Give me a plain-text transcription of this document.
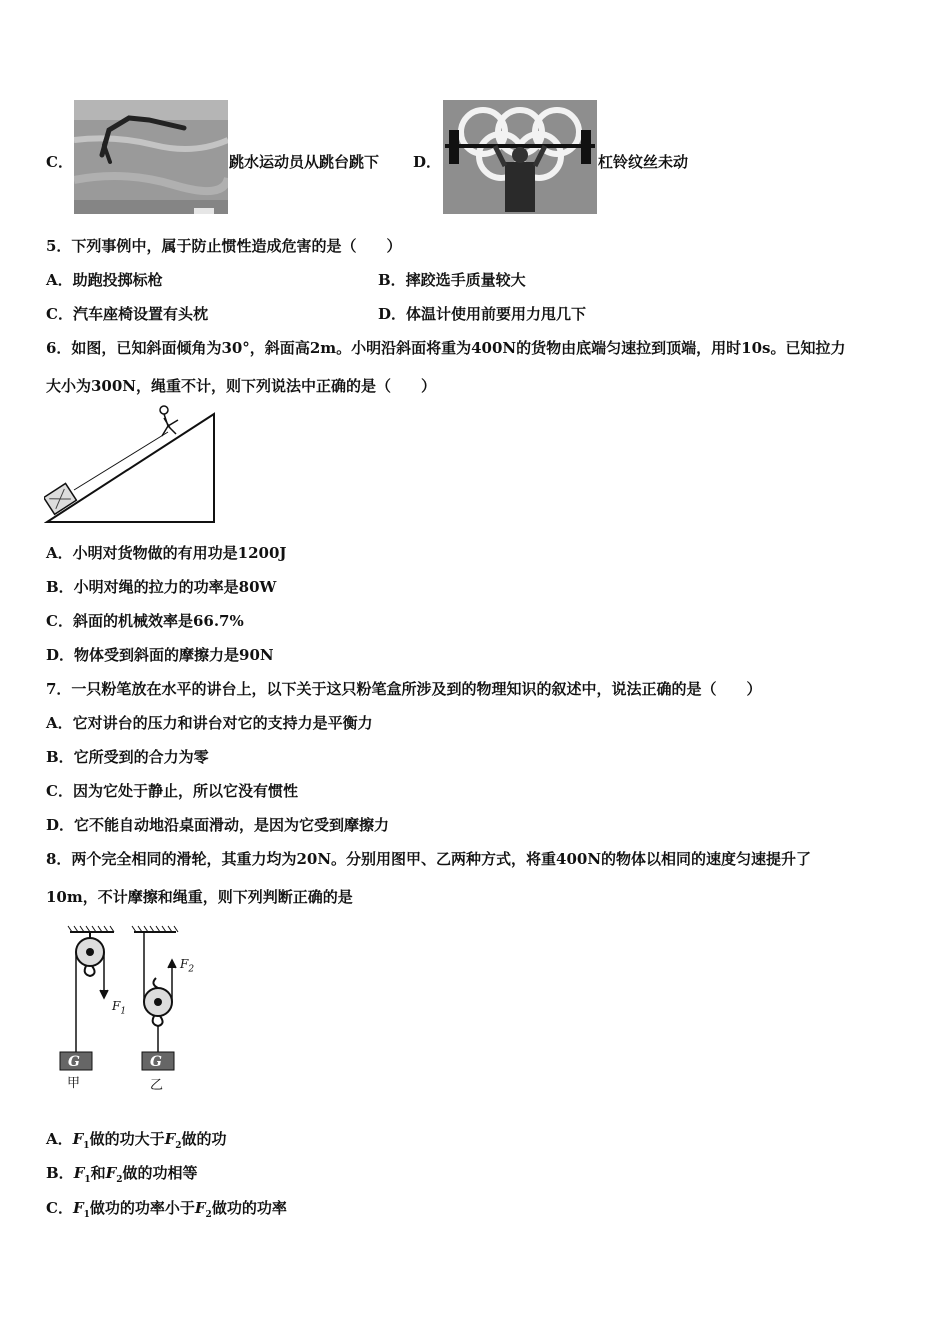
C．	跳水运动员从跳台跳下 D．	杠铃纹丝未动
5．下列事例中，属于防止惯性造成危害的是（　　）
A．助跑投掷标枪	B．摔跤选手质量较大
C．汽车座椅设置有头枕	D．体温计使用前要用力甩几下
6．如图，已知斜面倾角为30°，斜面高2m。小明沿斜面将重为400N的货物由底端匀速拉到顶端，用时10s。已知拉力
大小为300N，绳重不计，则下列说法中正确的是（　　）
A．小明对货物做的有用功是1200J
B．小明对绳的拉力的功率是80W
C．斜面的机械效率是66.7%
D．物体受到斜面的摩擦力是90N
7．一只粉笔放在水平的讲台上，以下关于这只粉笔盒所涉及到的物理知识的叙述中，说法正确的是（　　）
A．它对讲台的压力和讲台对它的支持力是平衡力
B．它所受到的合力为零
C．因为它处于静止，所以它没有惯性
D．它不能自动地沿桌面滑动，是因为它受到摩擦力
8．两个完全相同的滑轮，其重力均为20N。分别用图甲、乙两种方式，将重400N的物体以相同的速度匀速提升了
10m，不计摩擦和绳重，则下列判断正确的是
G	G
甲	乙
$F_1$
$F_2$
A．$F_1$做的功大于$F_2$做的功
B．$F_1$和$F_2$做的功相等
C．$F_1$做功的功率小于$F_2$做功的功率
